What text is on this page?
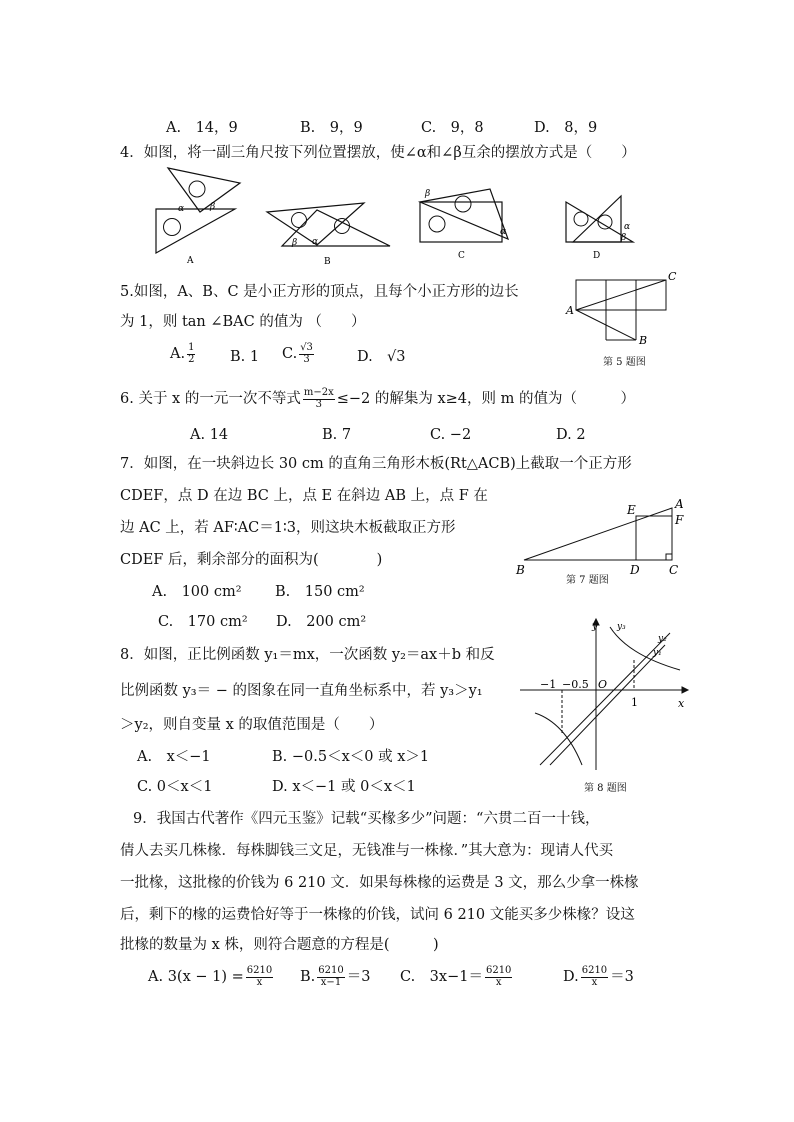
A.　14，9	B.　9，9	C.　9，8	D.　8，9
4．如图，将一副三角尺按下列位置摆放，使∠α和∠β互余的摆放方式是（　　）
α	β
A
β α
B
β
α
C
α
β
D
5.如图，A、B、C 是小正方形的顶点，且每个小正方形的边长
为 1，则 tan ∠BAC 的值为 （　　）
A. $\frac{1}{2} B$. 1 C. $\frac{√3}{3}$	D. √3
A
B
C
第 5 题图
6. 关于 x 的一元一次不等式 $\frac{m-2x}{3} \le-2$ 的解集为 x≥4，则 m 的值为（　　　）
A. 14	B. 7	C. −2	D. 2
7．如图，在一块斜边长 30 cm 的直角三角形木板(Rt△ACB)上截取一个正方形
CDEF，点 D 在边 BC 上，点 E 在斜边 AB 上，点 F 在
边 AC 上，若 AF∶AC＝1∶3，则这块木板截取正方形
CDEF 后，剩余部分的面积为(　　　　)
A.　100 cm² B.　150 cm²
C.　170 cm² D.　200 cm²
B	D C
E	A
F
第 7 题图
8．如图，正比例函数 y₁＝mx，一次函数 y₂＝ax＋b 和反
比例函数 y₃＝ − 的图象在同一直角坐标系中，若 y₃＞y₁
＞y₂，则自变量 x 的取值范围是（　　）
A.　x＜−1	B. −0.5＜x＜0 或 x＞1
C. 0＜x＜1	D. x＜−1 或 0＜x＜1
y
x
O
y₃
y₂
y₁
−1 −0.5
1
第 8 题图
9．我国古代著作《四元玉鉴》记载“买椽多少”问题：“六贯二百一十钱，
倩人去买几株椽．每株脚钱三文足，无钱准与一株椽．”其大意为：现请人代买
一批椽，这批椽的价钱为 6 210 文．如果每株椽的运费是 3 文，那么少拿一株椽
后，剩下的椽的运费恰好等于一株椽的价钱，试问 6 210 文能买多少株椽？设这
批椽的数量为 x 株，则符合题意的方程是(　　　)
A. $3(x - 1) = \frac{6210}{x} B$. $\frac{6210}{x-1} =3$ C.　$3x-1= \frac{6210}{x}$	D. $\frac{6210}{x} =3$
